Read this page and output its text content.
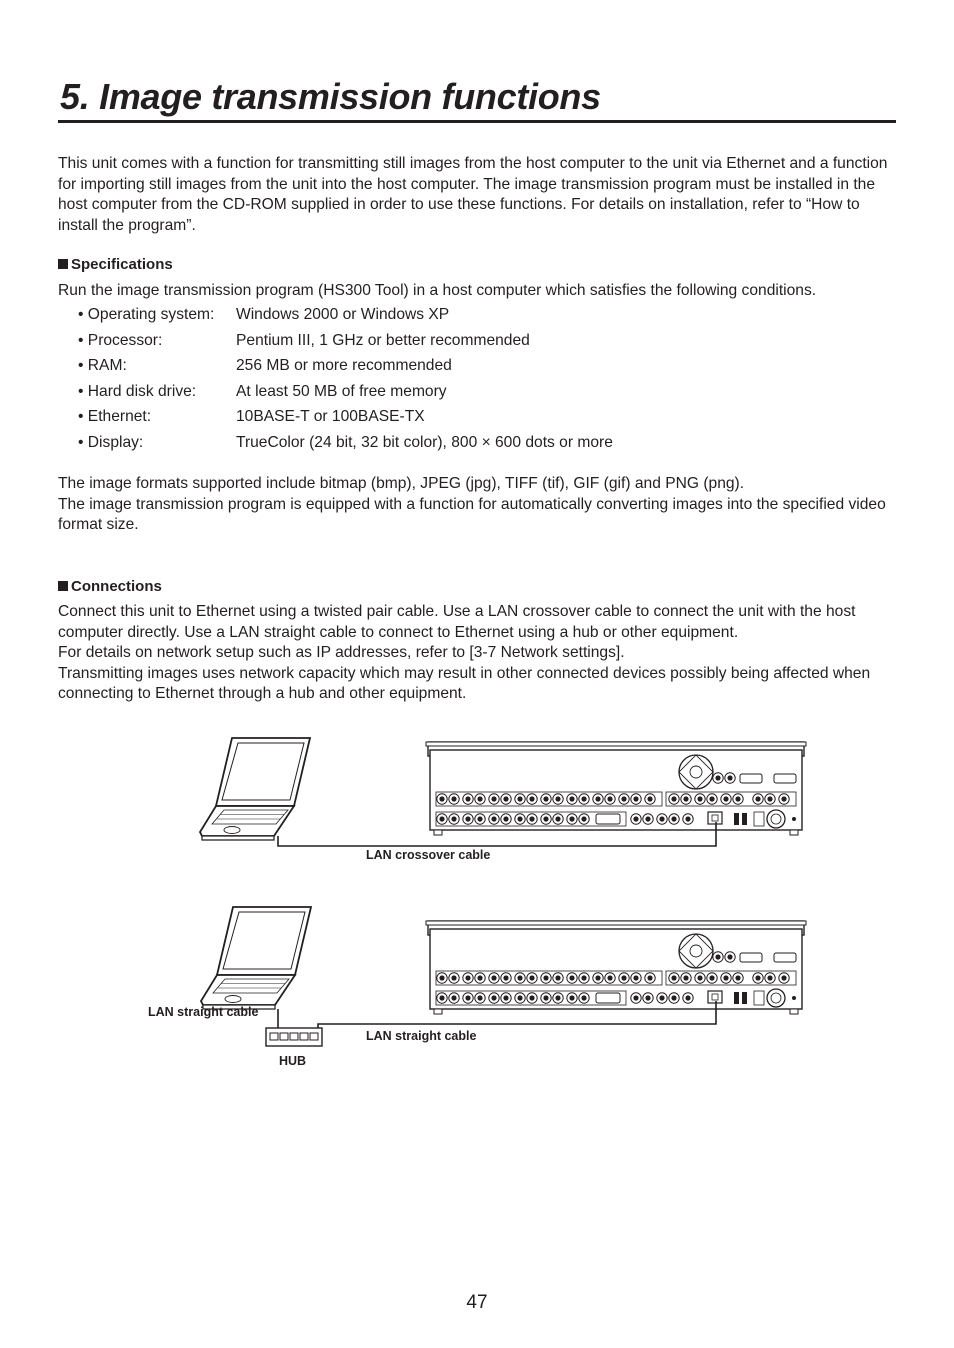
5. Image transmission functions

This unit comes with a function for transmitting still images from the host computer to the unit via Ethernet and a function for importing still images from the unit into the host computer. The image transmission program must be installed in the host computer from the CD-ROM supplied in order to use these functions. For details on installation, refer to “How to install the program”.

Specifications

Run the image transmission program (HS300 Tool) in a host computer which satisfies the following conditions.

• Operating system: Windows 2000 or Windows XP
• Processor:	Pentium III, 1 GHz or better recommended
• RAM:	256 MB or more recommended
• Hard disk drive:	At least 50 MB of free memory
• Ethernet:	10BASE-T or 100BASE-TX
• Display:	TrueColor (24 bit, 32 bit color), 800 × 600 dots or more
The image formats supported include bitmap (bmp), JPEG (jpg), TIFF (tif), GIF (gif) and PNG (png).
The image transmission program is equipped with a function for automatically converting images into the specified video format size.

Connections

Connect this unit to Ethernet using a twisted pair cable. Use a LAN crossover cable to connect the unit with the host computer directly. Use a LAN straight cable to connect to Ethernet using a hub or other equipment.
For details on network setup such as IP addresses, refer to [3-7 Network settings].
Transmitting images uses network capacity which may result in other connected devices possibly being affected when connecting to Ethernet through a hub and other equipment.
LAN crossover cable
LAN straight cable
LAN straight cable
HUB
47
